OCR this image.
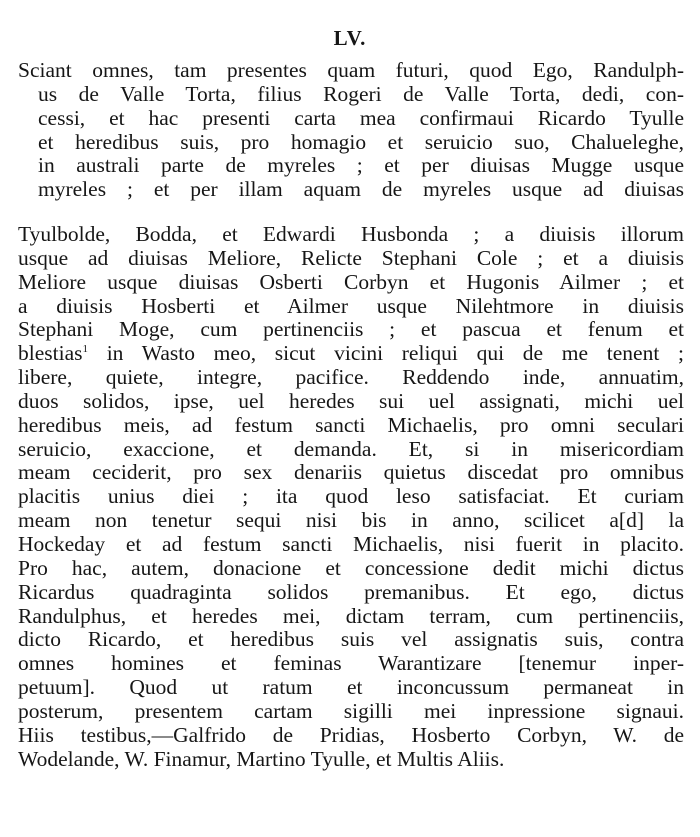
LV.
Sciant omnes, tam presentes quam futuri, quod Ego, Randulph-
us de Valle Torta, filius Rogeri de Valle Torta, dedi, con-
cessi, et hac presenti carta mea confirmaui Ricardo Tyulle
et heredibus suis, pro homagio et seruicio suo, Chalueleghe,
in australi parte de myreles ; et per diuisas Mugge usque
myreles ; et per illam aquam de myreles usque ad diuisas
Tyulbolde, Bodda, et Edwardi Husbonda ; a diuisis illorum
usque ad diuisas Meliore, Relicte Stephani Cole ; et a diuisis
Meliore usque diuisas Osberti Corbyn et Hugonis Ailmer ; et
a diuisis Hosberti et Ailmer usque Nilehtmore in diuisis
Stephani Moge, cum pertinenciis ; et pascua et fenum et
blestias$^1$ in Wasto meo, sicut vicini reliqui qui de me tenent ;
libere, quiete, integre, pacifice. Reddendo inde, annuatim,
duos solidos, ipse, uel heredes sui uel assignati, michi uel
heredibus meis, ad festum sancti Michaelis, pro omni seculari
seruicio, exaccione, et demanda. Et, si in misericordiam
meam ceciderit, pro sex denariis quietus discedat pro omnibus
placitis unius diei ; ita quod leso satisfaciat. Et curiam
meam non tenetur sequi nisi bis in anno, scilicet a[d] la
Hockeday et ad festum sancti Michaelis, nisi fuerit in placito.
Pro hac, autem, donacione et concessione dedit michi dictus
Ricardus quadraginta solidos premanibus. Et ego, dictus
Randulphus, et heredes mei, dictam terram, cum pertinenciis,
dicto Ricardo, et heredibus suis vel assignatis suis, contra
omnes homines et feminas Warantizare [tenemur inper-
petuum]. Quod ut ratum et inconcussum permaneat in
posterum, presentem cartam sigilli mei inpressione signaui.
Hiis testibus,—Galfrido de Pridias, Hosberto Corbyn, W. de
Wodelande, W. Finamur, Martino Tyulle, et Multis Aliis.
